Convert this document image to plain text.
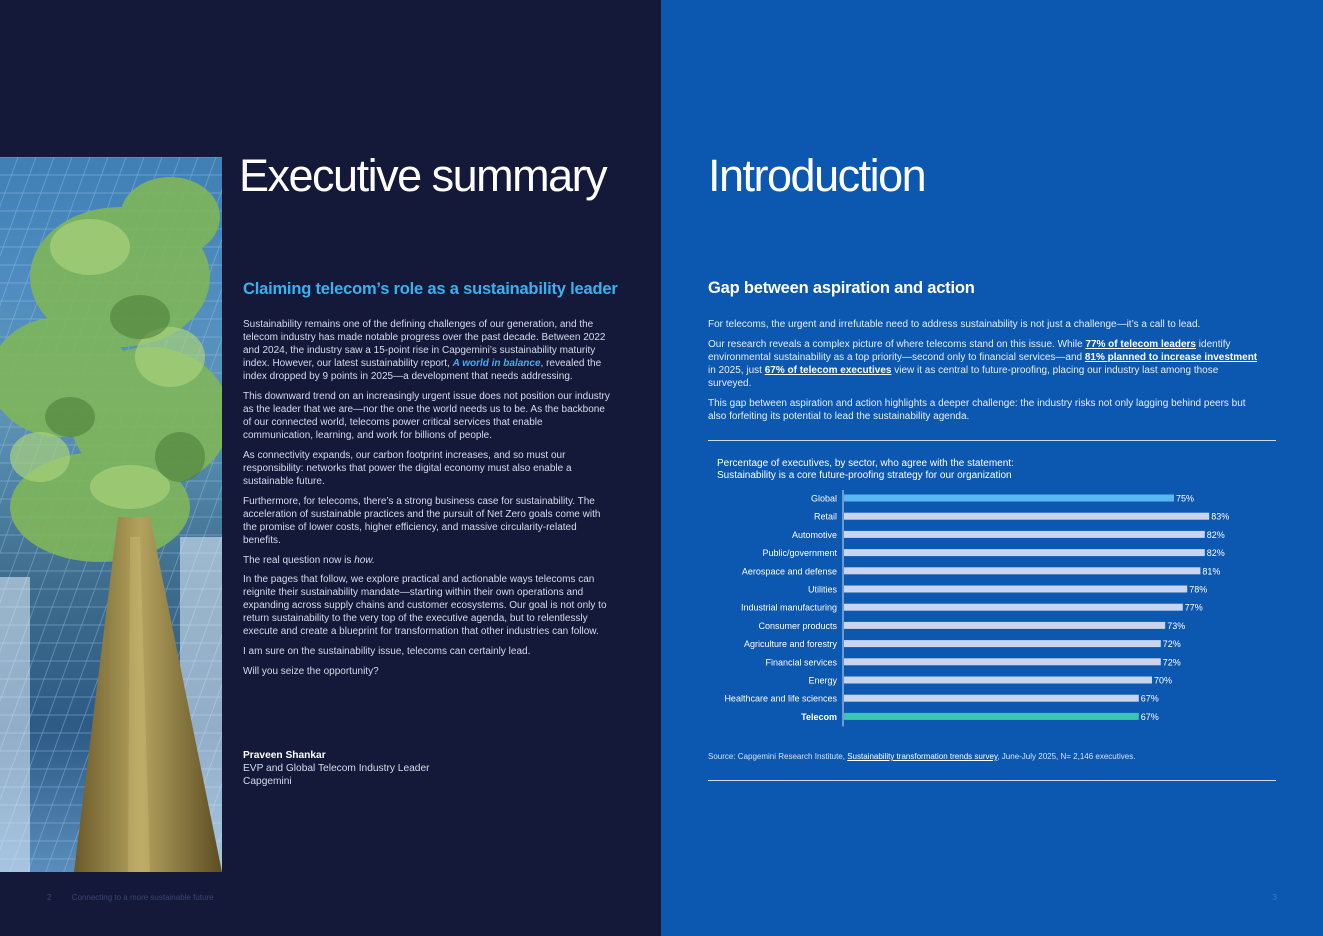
Executive summary
Claiming telecom’s role as a sustainability leader

Sustainability remains one of the defining challenges of our generation, and the telecom industry has made notable progress over the past decade. Between 2022 and 2024, the industry saw a 15-point rise in Capgemini’s sustainability maturity index. However, our latest sustainability report, A world in balance, revealed the index dropped by 9 points in 2025—a development that needs addressing.

This downward trend on an increasingly urgent issue does not position our industry as the leader that we are—nor the one the world needs us to be. As the backbone of our connected world, telecoms power critical services that enable communication, learning, and work for billions of people.

As connectivity expands, our carbon footprint increases, and so must our responsibility: networks that power the digital economy must also enable a sustainable future.

Furthermore, for telecoms, there’s a strong business case for sustainability. The acceleration of sustainable practices and the pursuit of Net Zero goals come with the promise of lower costs, higher efficiency, and massive circularity-related benefits.

The real question now is how.

In the pages that follow, we explore practical and actionable ways telecoms can reignite their sustainability mandate—starting within their own operations and expanding across supply chains and customer ecosystems. Our goal is not only to return sustainability to the very top of the executive agenda, but to relentlessly execute and create a blueprint for transformation that other industries can follow.

I am sure on the sustainability issue, telecoms can certainly lead.

Will you seize the opportunity?

Praveen Shankar
EVP and Global Telecom Industry Leader
Capgemini
2	Connecting to a more sustainable future
Introduction
Gap between aspiration and action

For telecoms, the urgent and irrefutable need to address sustainability is not just a challenge—it’s a call to lead.

Our research reveals a complex picture of where telecoms stand on this issue. While 77% of telecom leaders identify environmental sustainability as a top priority—second only to financial services—and 81% planned to increase investment in 2025, just 67% of telecom executives view it as central to future-proofing, placing our industry last among those surveyed.

This gap between aspiration and action highlights a deeper challenge: the industry risks not only lagging behind peers but also forfeiting its potential to lead the sustainability agenda.

Percentage of executives, by sector, who agree with the statement:
Sustainability is a core future-proofing strategy for our organization
Source: Capgemini Research Institute, Sustainability transformation trends survey, June-July 2025, N= 2,146 executives.
3
Global	75%
Retail	83%
Automotive	82%
Public/government	82%
Aerospace and defense	81%
Utilities	78%
Industrial manufacturing	77%
Consumer products	73%
Agriculture and forestry	72%
Financial services	72%
Energy	70%
Healthcare and life sciences	67%
Telecom	67%
